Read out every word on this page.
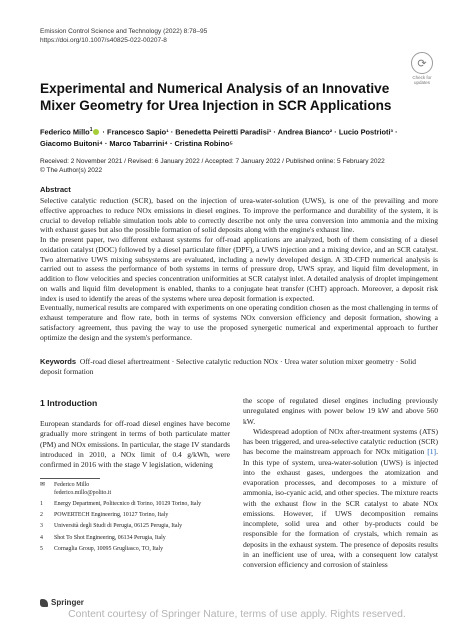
Emission Control Science and Technology (2022) 8:78–95
https://doi.org/10.1007/s40825-022-00207-8
⟳
Check for
updates
Experimental and Numerical Analysis of an Innovative Mixer Geometry for Urea Injection in SCR Applications
Federico Millo$^1$ · Francesco Sapio¹ · Benedetta Peiretti Paradisi¹ · Andrea Bianco² · Lucio Postrioti³ ·
Giacomo Buitoni⁴ · Marco Tabarrini⁴ · Cristina Robino⁵
Received: 2 November 2021 / Revised: 6 January 2022 / Accepted: 7 January 2022 / Published online: 5 February 2022
© The Author(s) 2022
Abstract
Selective catalytic reduction (SCR), based on the injection of urea-water-solution (UWS), is one of the prevailing and more effective approaches to reduce NOx emissions in diesel engines. To improve the performance and durability of the system, it is crucial to develop reliable simulation tools able to correctly describe not only the urea conversion into ammonia and the mixing with exhaust gases but also the possible formation of solid deposits along with the engine's exhaust line.
In the present paper, two different exhaust systems for off-road applications are analyzed, both of them consisting of a diesel oxidation catalyst (DOC) followed by a diesel particulate filter (DPF), a UWS injection and a mixing device, and an SCR catalyst. Two alternative UWS mixing subsystems are evaluated, including a newly developed design. A 3D-CFD numerical analysis is carried out to assess the performance of both systems in terms of pressure drop, UWS spray, and liquid film development, in addition to flow velocities and species concentration uniformities at SCR catalyst inlet. A detailed analysis of droplet impingement on walls and liquid film development is enabled, thanks to a conjugate heat transfer (CHT) approach. Moreover, a deposit risk index is used to identify the areas of the systems where urea deposit formation is expected.
Eventually, numerical results are compared with experiments on one operating condition chosen as the most challenging in terms of exhaust temperature and flow rate, both in terms of systems NOx conversion efficiency and deposit formation, showing a satisfactory agreement, thus paving the way to use the proposed synergetic numerical and experimental approach to further optimize the design and the system's performance.
Keywords Off-road diesel aftertreatment · Selective catalytic reduction NOx · Urea water solution mixer geometry · Solid deposit formation
1 Introduction

European standards for off-road diesel engines have become gradually more stringent in terms of both particulate matter (PM) and NOx emissions. In particular, the stage IV standards introduced in 2010, a NOx limit of 0.4 g/kWh, were confirmed in 2016 with the stage V legislation, widening

the scope of regulated diesel engines including previously unregulated engines with power below 19 kW and above 560 kW.

Widespread adoption of NOx after-treatment systems (ATS) has been triggered, and urea-selective catalytic reduction (SCR) has become the mainstream approach for NOx mitigation [1]. In this type of system, urea-water-solution (UWS) is injected into the exhaust gases, undergoes the atomization and evaporation processes, and decomposes to a mixture of ammonia, iso-cyanic acid, and other species. The mixture reacts with the exhaust flow in the SCR catalyst to abate NOx emissions. However, if UWS decomposition remains incomplete, solid urea and other by-products could be responsible for the formation of crystals, which remain as deposits in the exhaust system. The presence of deposits results in an inefficient use of urea, with a consequent low catalyst conversion efficiency and corrosion of stainless

✉	Federico Millo
federico.millo@polito.it
1	Energy Department, Politecnico di Torino, 10129 Torino, Italy
2	POWERTECH Engineering, 10127 Torino, Italy
3	Università degli Studi di Perugia, 06125 Perugia, Italy
4	Shot To Shot Engineering, 06134 Perugia, Italy
5	Cornaglia Group, 10095 Grugliasco, TO, Italy
Springer
Content courtesy of Springer Nature, terms of use apply. Rights reserved.
